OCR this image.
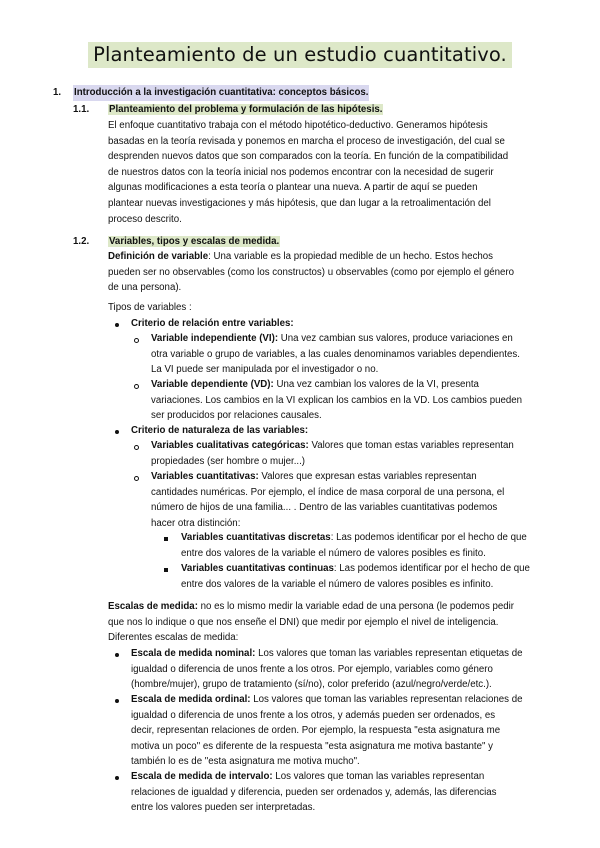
Planteamiento de un estudio cuantitativo.
1. Introducción a la investigación cuantitativa: conceptos básicos.
1.1. Planteamiento del problema y formulación de las hipótesis.
El enfoque cuantitativo trabaja con el método hipotético-deductivo. Generamos hipótesis
basadas en la teoría revisada y ponemos en marcha el proceso de investigación, del cual se
desprenden nuevos datos que son comparados con la teoría. En función de la compatibilidad
de nuestros datos con la teoría inicial nos podemos encontrar con la necesidad de sugerir
algunas modificaciones a esta teoría o plantear una nueva. A partir de aquí se pueden
plantear nuevas investigaciones y más hipótesis, que dan lugar a la retroalimentación del
proceso descrito.
1.2. Variables, tipos y escalas de medida.
Definición de variable: Una variable es la propiedad medible de un hecho. Estos hechos
pueden ser no observables (como los constructos) u observables (como por ejemplo el género
de una persona).
Tipos de variables :
Criterio de relación entre variables:
Variable independiente (VI): Una vez cambian sus valores, produce variaciones en
otra variable o grupo de variables, a las cuales denominamos variables dependientes.
La VI puede ser manipulada por el investigador o no.
Variable dependiente (VD): Una vez cambian los valores de la VI, presenta
variaciones. Los cambios en la VI explican los cambios en la VD. Los cambios pueden
ser producidos por relaciones causales.
Criterio de naturaleza de las variables:
Variables cualitativas categóricas: Valores que toman estas variables representan
propiedades (ser hombre o mujer...)
Variables cuantitativas: Valores que expresan estas variables representan
cantidades numéricas. Por ejemplo, el índice de masa corporal de una persona, el
número de hijos de una familia... . Dentro de las variables cuantitativas podemos
hacer otra distinción:
Variables cuantitativas discretas: Las podemos identificar por el hecho de que
entre dos valores de la variable el número de valores posibles es finito.
Variables cuantitativas continuas: Las podemos identificar por el hecho de que
entre dos valores de la variable el número de valores posibles es infinito.
Escalas de medida: no es lo mismo medir la variable edad de una persona (le podemos pedir
que nos lo indique o que nos enseñe el DNI) que medir por ejemplo el nivel de inteligencia.
Diferentes escalas de medida:
Escala de medida nominal: Los valores que toman las variables representan etiquetas de
igualdad o diferencia de unos frente a los otros. Por ejemplo, variables como género
(hombre/mujer), grupo de tratamiento (sí/no), color preferido (azul/negro/verde/etc.).
Escala de medida ordinal: Los valores que toman las variables representan relaciones de
igualdad o diferencia de unos frente a los otros, y además pueden ser ordenados, es
decir, representan relaciones de orden. Por ejemplo, la respuesta "esta asignatura me
motiva un poco" es diferente de la respuesta "esta asignatura me motiva bastante" y
también lo es de "esta asignatura me motiva mucho".
Escala de medida de intervalo: Los valores que toman las variables representan
relaciones de igualdad y diferencia, pueden ser ordenados y, además, las diferencias
entre los valores pueden ser interpretadas.
